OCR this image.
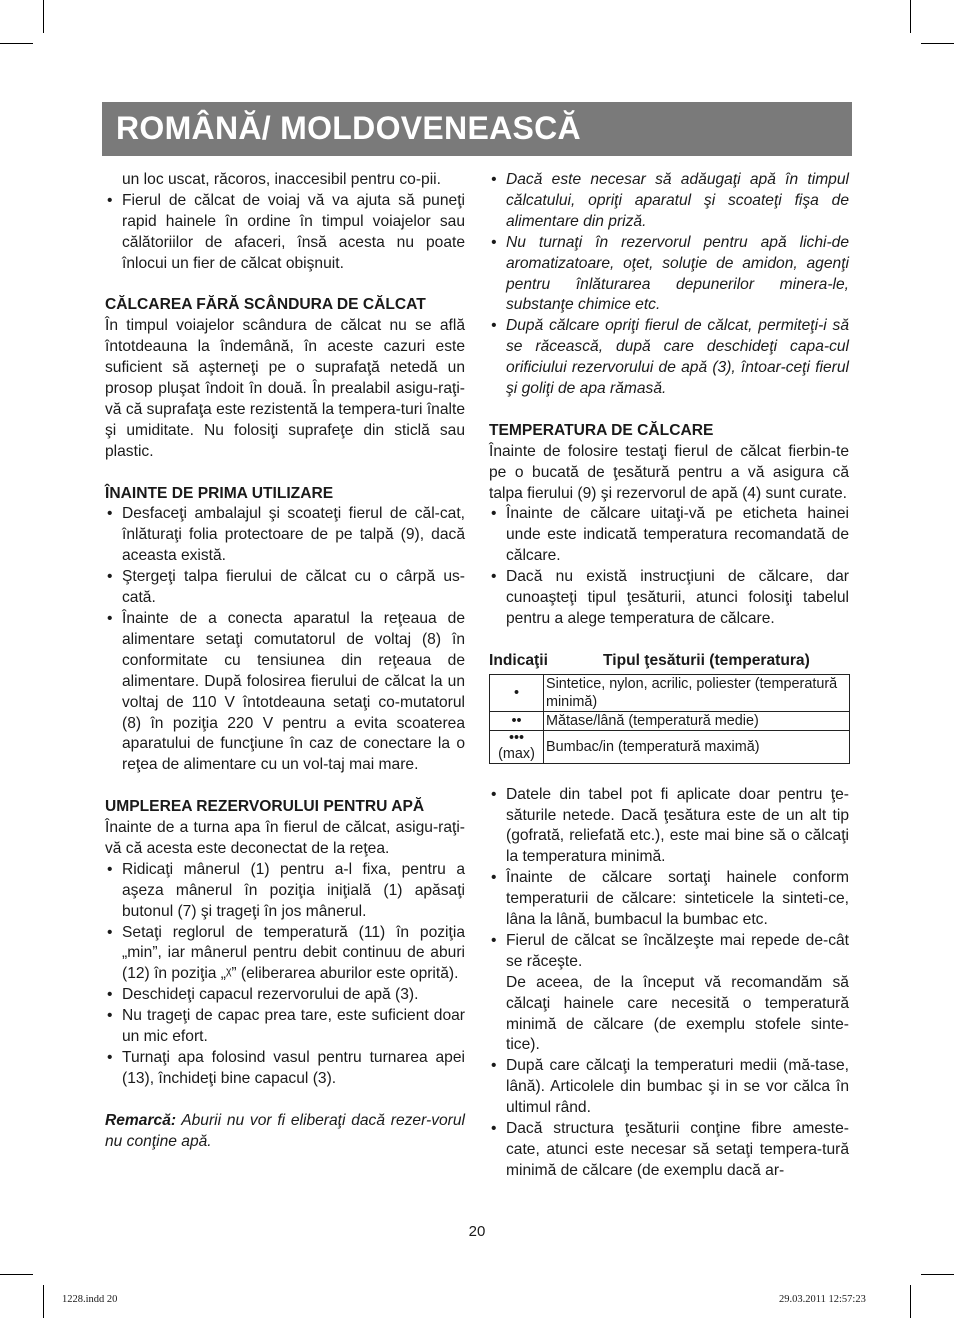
ROMÂNĂ/ MOLDOVENEASCĂ

un loc uscat, răcoros, inaccesibil pentru co-pii.

• Fierul de călcat de voiaj vă va ajuta să puneţi rapid hainele în ordine în timpul voiajelor sau călătoriilor de afaceri, însă acesta nu poate înlocui un fier de călcat obişnuit.

CĂLCAREA FĂRĂ SCÂNDURA DE CĂLCAT

În timpul voiajelor scândura de călcat nu se află întotdeauna la îndemână, în aceste cazuri este suficient să aşterneţi pe o suprafaţă netedă un prosop pluşat îndoit în două. În prealabil asigu-raţi-vă că suprafaţa este rezistentă la tempera-turi înalte şi umiditate. Nu folosiţi suprafeţe din sticlă sau plastic.

ÎNAINTE DE PRIMA UTILIZARE

• Desfaceţi ambalajul şi scoateţi fierul de căl-cat, înlăturaţi folia protectoare de pe talpă (9), dacă aceasta există.
• Ştergeţi talpa fierului de călcat cu o cârpă us-cată.
• Înainte de a conecta aparatul la reţeaua de alimentare setaţi comutatorul de voltaj (8) în conformitate cu tensiunea din reţeaua de alimentare. După folosirea fierului de călcat la un voltaj de 110 V întotdeauna setaţi co-mutatorul (8) în poziţia 220 V pentru a evita scoaterea aparatului de funcţiune în caz de conectare la o reţea de alimentare cu un vol-taj mai mare.

UMPLEREA REZERVORULUI PENTRU APĂ

Înainte de a turna apa în fierul de călcat, asigu-raţi-vă că acesta este deconectat de la reţea.

• Ridicaţi mânerul (1) pentru a-l fixa, pentru a aşeza mânerul în poziţia iniţială (1) apăsaţi butonul (7) şi trageţi în jos mânerul.
• Setaţi reglorul de temperatură (11) în poziţia „min”, iar mânerul pentru debit continuu de aburi (12) în poziţia „ᵡ” (eliberarea aburilor este oprită).
• Deschideţi capacul rezervorului de apă (3).
• Nu trageţi de capac prea tare, este suficient doar un mic efort.
• Turnaţi apa folosind vasul pentru turnarea apei (13), închideţi bine capacul (3).

Remarcă: Aburii nu vor fi eliberaţi dacă rezer-vorul nu conţine apă.

• Dacă este necesar să adăugaţi apă în timpul călcatului, opriţi aparatul şi scoateţi fişa de alimentare din priză.
• Nu turnaţi în rezervorul pentru apă lichi-de aromatizatoare, oţet, soluţie de amidon, agenţi pentru înlăturarea depunerilor minera-le, substanţe chimice etc.
• După călcare opriţi fierul de călcat, permiteţi-i să se răcească, după care deschideţi capa-cul orificiului rezervorului de apă (3), întoar-ceţi fierul şi goliţi de apa rămasă.

TEMPERATURA DE CĂLCARE

Înainte de folosire testaţi fierul de călcat fierbin-te pe o bucată de ţesătură pentru a vă asigura că talpa fierului (9) şi rezervorul de apă (4) sunt curate.

• Înainte de călcare uitaţi-vă pe eticheta hainei unde este indicată temperatura recomandată de călcare.
• Dacă nu există instrucţiuni de călcare, dar cunoaşteţi tipul ţesăturii, atunci folosiţi tabelul pentru a alege temperatura de călcare.
Indicaţii	Tipul ţesăturii (temperatura)
•	Sintetice, nylon, acrilic, poliester (temperatură minimă)
••	Mătase/lână (temperatură medie)

•••
(max)	Bumbac/in (temperatură maximă)
• Datele din tabel pot fi aplicate doar pentru ţe-săturile netede. Dacă ţesătura este de un alt tip (gofrată, reliefată etc.), este mai bine să o călcaţi la temperatura minimă.
• Înainte de călcare sortaţi hainele conform temperaturii de călcare: sinteticele la sinteti-ce, lâna la lână, bumbacul la bumbac etc.
• Fierul de călcat se încălzeşte mai repede de-cât se răceşte.

De aceea, de la început vă recomandăm să călcaţi hainele care necesită o temperatură minimă de călcare (de exemplu stofele sinte-tice).

• După care călcaţi la temperaturi medii (mă-tase, lână). Articolele din bumbac şi in se vor călca în ultimul rând.
• Dacă structura ţesăturii conţine fibre ameste-cate, atunci este necesar să setaţi tempera-tură minimă de călcare (de exemplu dacă ar-
20
1228.indd 20	29.03.2011 12:57:23
